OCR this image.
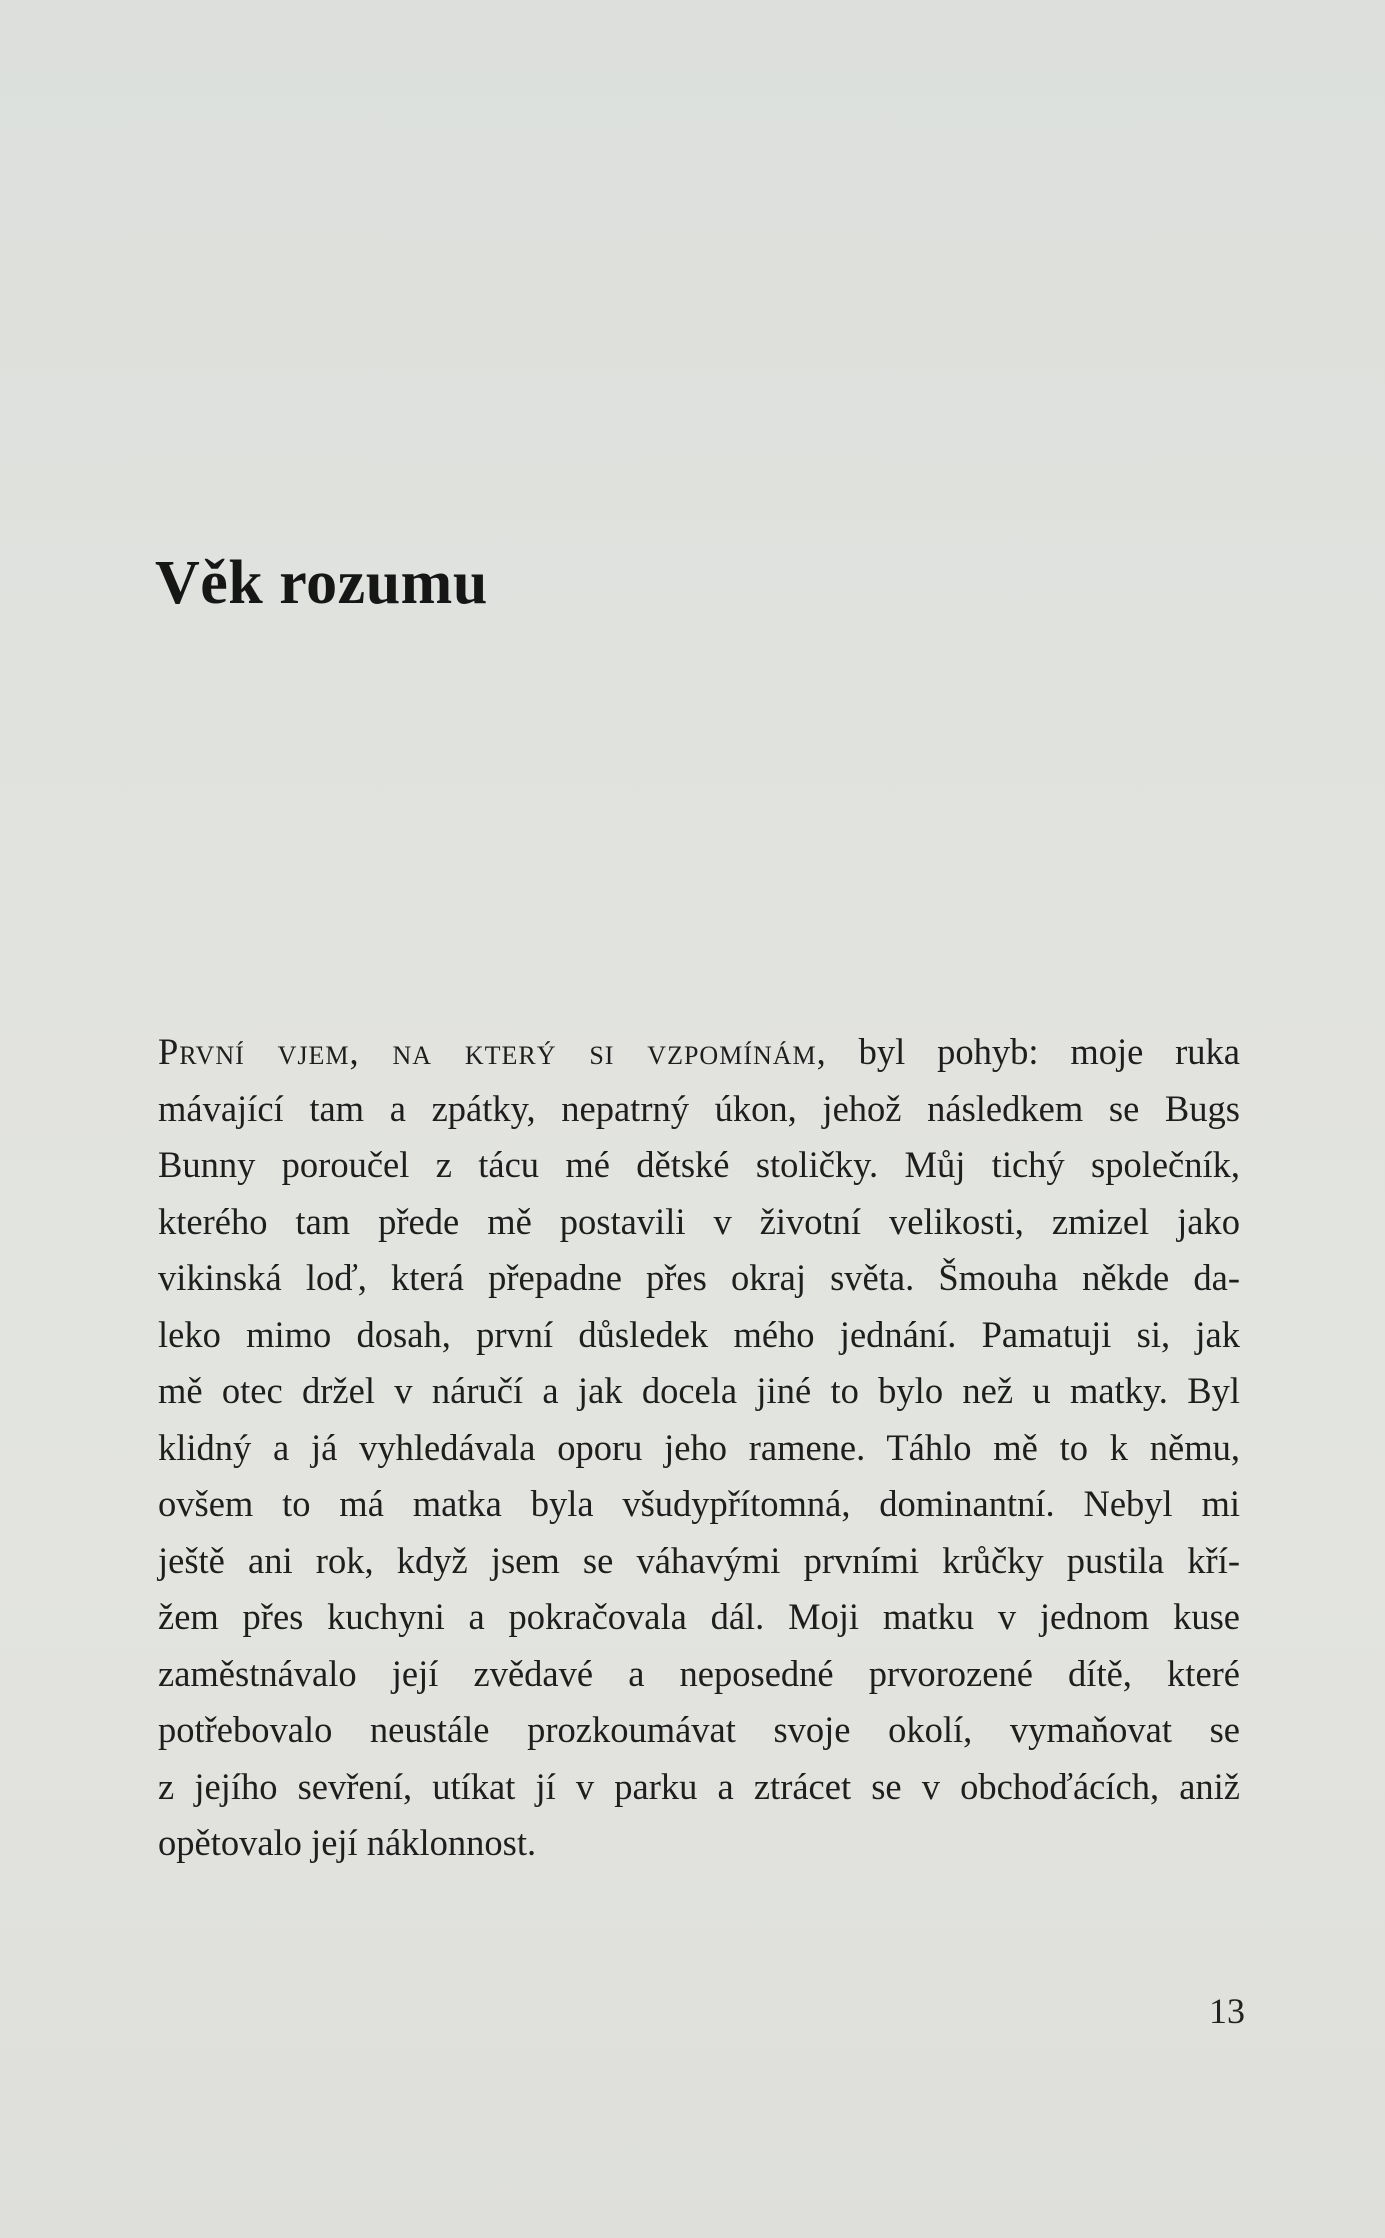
Věk rozumu
První vjem, na který si vzpomínám, byl pohyb: moje ruka
mávající tam a zpátky, nepatrný úkon, jehož následkem se Bugs
Bunny poroučel z tácu mé dětské stoličky. Můj tichý společník,
kterého tam přede mě postavili v životní velikosti, zmizel jako
vikinská loď, která přepadne přes okraj světa. Šmouha někde da-
leko mimo dosah, první důsledek mého jednání. Pamatuji si, jak
mě otec držel v náručí a jak docela jiné to bylo než u matky. Byl
klidný a já vyhledávala oporu jeho ramene. Táhlo mě to k němu,
ovšem to má matka byla všudypřítomná, dominantní. Nebyl mi
ještě ani rok, když jsem se váhavými prvními krůčky pustila kří-
žem přes kuchyni a pokračovala dál. Moji matku v jednom kuse
zaměstnávalo její zvědavé a neposedné prvorozené dítě, které
potřebovalo neustále prozkoumávat svoje okolí, vymaňovat se
z jejího sevření, utíkat jí v parku a ztrácet se v obchoďácích, aniž
opětovalo její náklonnost.
13
